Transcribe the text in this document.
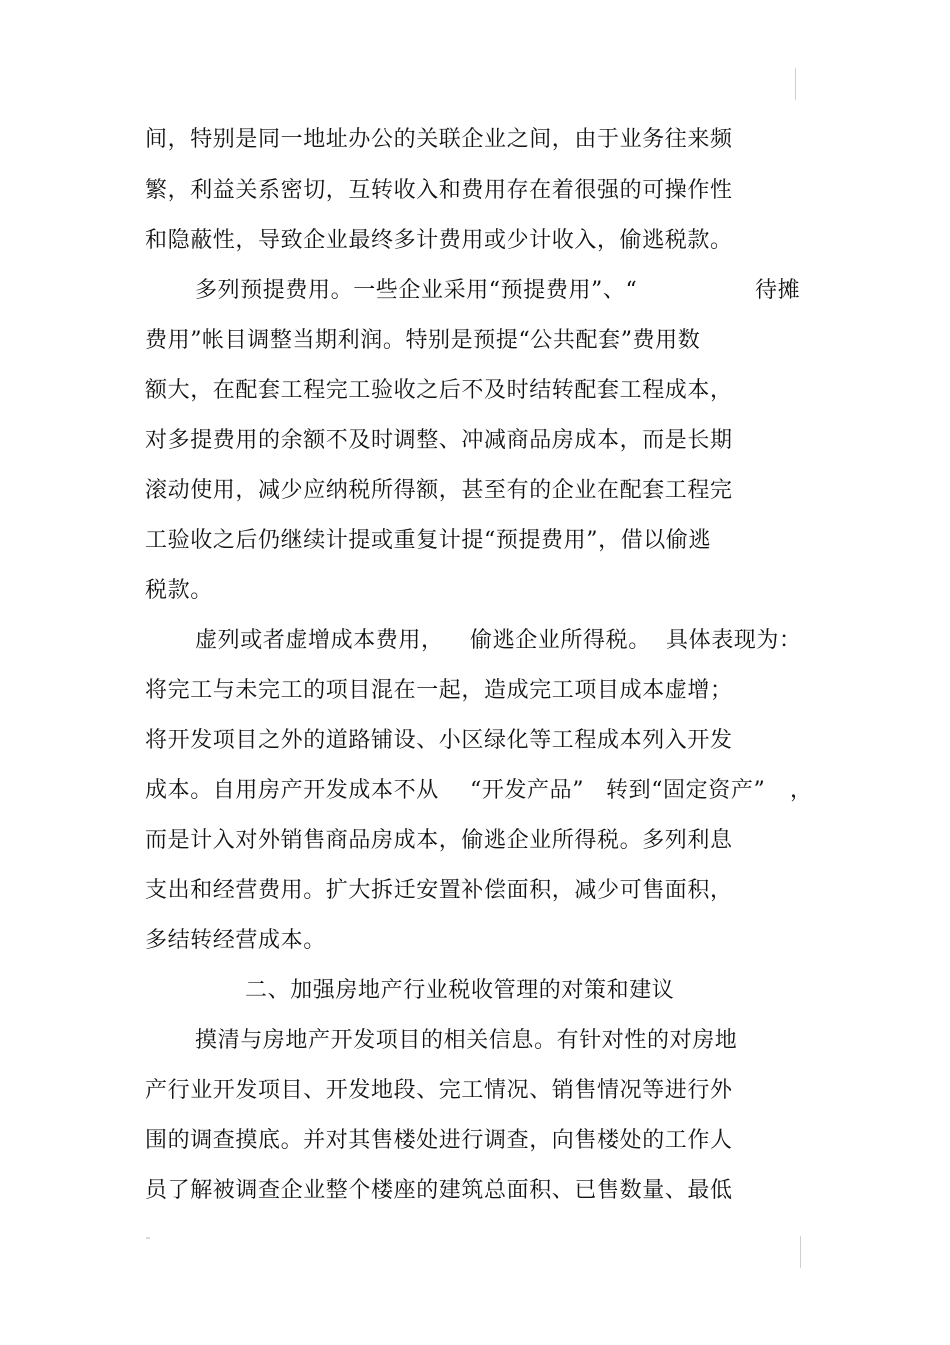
间，特别是同一地址办公的关联企业之间，由于业务往来频
繁，利益关系密切，互转收入和费用存在着很强的可操作性
和隐蔽性，导致企业最终多计费用或少计收入，偷逃税款。
多列预提费用。一些企业采用“预提费用”、“	待摊
费用”帐目调整当期利润。特别是预提“公共配套”费用数
额大，在配套工程完工验收之后不及时结转配套工程成本，
对多提费用的余额不及时调整、冲减商品房成本，而是长期
滚动使用，减少应纳税所得额，甚至有的企业在配套工程完
工验收之后仍继续计提或重复计提“预提费用”，借以偷逃
税款。
虚列或者虚增成本费用， 偷逃企业所得税。 具体表现为：
将完工与未完工的项目混在一起，造成完工项目成本虚增；
将开发项目之外的道路铺设、小区绿化等工程成本列入开发
成本。自用房产开发成本不从 “开发产品” 转到“固定资产” ，
而是计入对外销售商品房成本，偷逃企业所得税。多列利息
支出和经营费用。扩大拆迁安置补偿面积，减少可售面积，
多结转经营成本。
二、加强房地产行业税收管理的对策和建议
摸清与房地产开发项目的相关信息。有针对性的对房地
产行业开发项目、开发地段、完工情况、销售情况等进行外
围的调查摸底。并对其售楼处进行调查，向售楼处的工作人
员了解被调查企业整个楼座的建筑总面积、已售数量、最低
